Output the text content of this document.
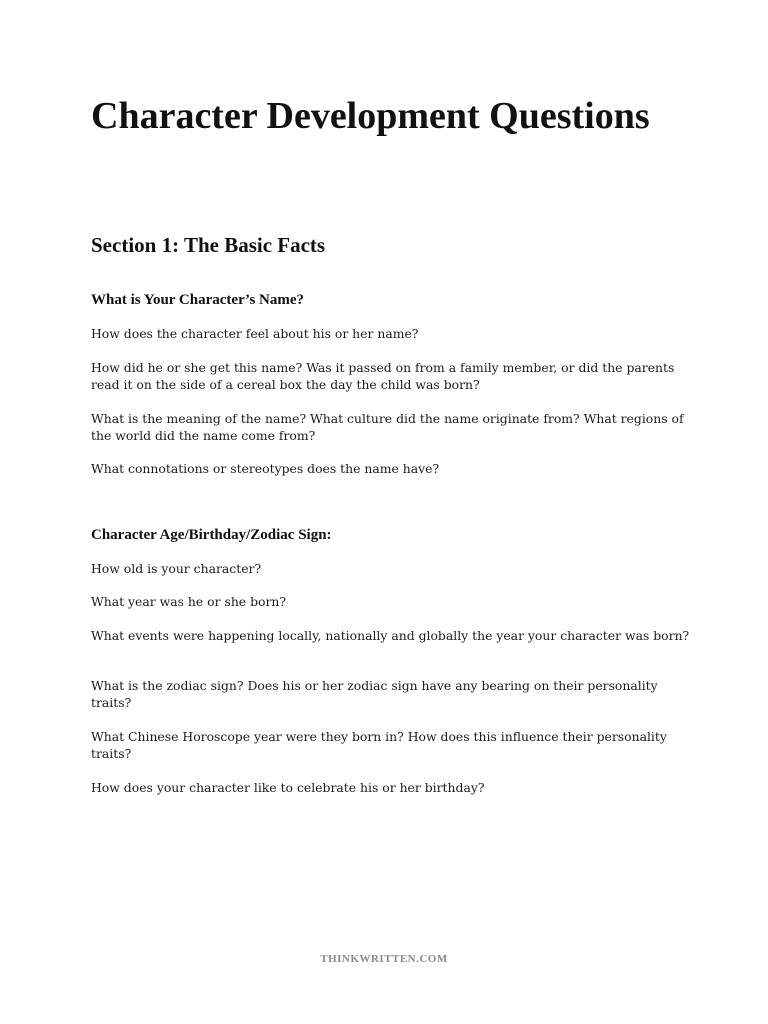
Character Development Questions
Section 1: The Basic Facts
What is Your Character’s Name?

How does the character feel about his or her name?

How did he or she get this name? Was it passed on from a family member, or did the parents read it on the side of a cereal box the day the child was born?

What is the meaning of the name? What culture did the name originate from? What regions of the world did the name come from?

What connotations or stereotypes does the name have?

Character Age/Birthday/Zodiac Sign:

How old is your character?

What year was he or she born?

What events were happening locally, nationally and globally the year your character was born?

What is the zodiac sign? Does his or her zodiac sign have any bearing on their personality traits?

What Chinese Horoscope year were they born in? How does this influence their personality traits?

How does your character like to celebrate his or her birthday?

THINKWRITTEN.COM
